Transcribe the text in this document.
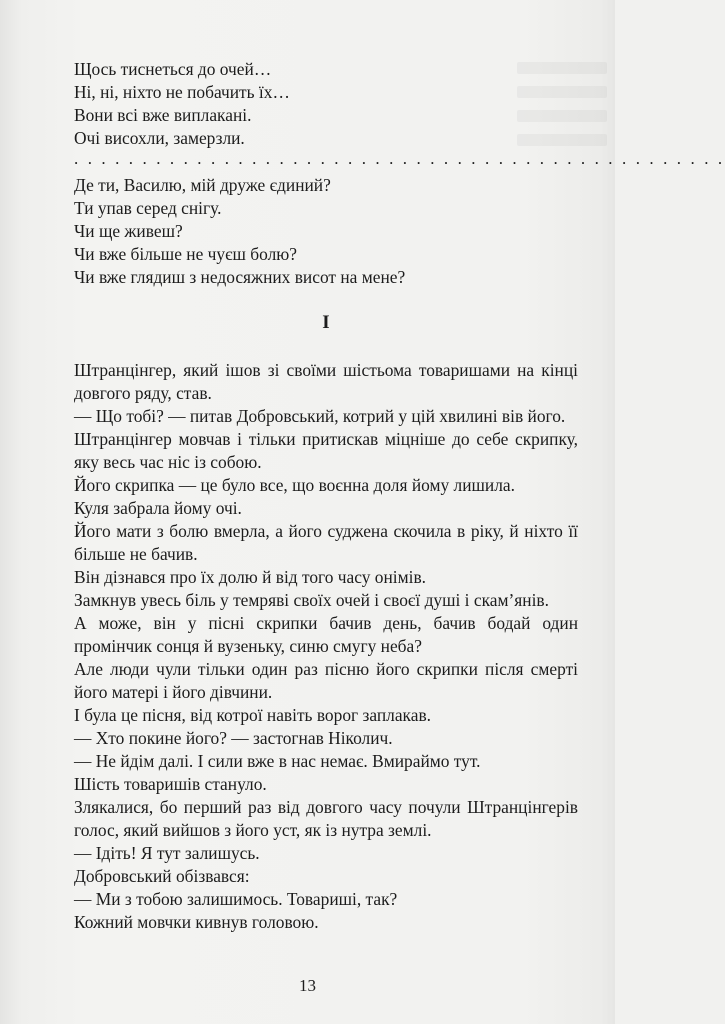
Щось тиснеться до очей…

Ні, ні, ніхто не побачить їх…

Вони всі вже виплакані.

Очі висохли, замерзли.

. . . . . . . . . . . . . . . . . . . . . . . . . . . . . . . . . . . . . . . . . . . . . . . .

Де ти, Василю, мій друже єдиний?

Ти упав серед снігу.

Чи ще живеш?

Чи вже більше не чуєш болю?

Чи вже глядиш з недосяжних висот на мене?

I

Штранцінгер, який ішов зі своїми шістьома товаришами на кінці довгого ряду, став.

— Що тобі? — питав Добровський, котрий у цій хвилині вів його.

Штранцінгер мовчав і тільки притискав міцніше до себе скрипку, яку весь час ніс із собою.

Його скрипка — це було все, що воєнна доля йому лишила.

Куля забрала йому очі.

Його мати з болю вмерла, а його суджена скочила в ріку, й ніхто її більше не бачив.

Він дізнався про їх долю й від того часу онімів.

Замкнув увесь біль у темряві своїх очей і своєї душі і скам’янів.

А може, він у пісні скрипки бачив день, бачив бодай один промінчик сонця й вузеньку, синю смугу неба?

Але люди чули тільки один раз пісню його скрипки після смерті його матері і його дівчини.

І була це пісня, від котрої навіть ворог заплакав.

— Хто покине його? — застогнав Ніколич.

— Не йдім далі. І сили вже в нас немає. Вмираймо тут.

Шість товаришів стануло.

Злякалися, бо перший раз від довгого часу почули Штранцінгерів голос, який вийшов з його уст, як із нутра землі.

— Ідіть! Я тут залишусь.

Добровський обізвався:

— Ми з тобою залишимось. Товариші, так?

Кожний мовчки кивнув головою.

13
